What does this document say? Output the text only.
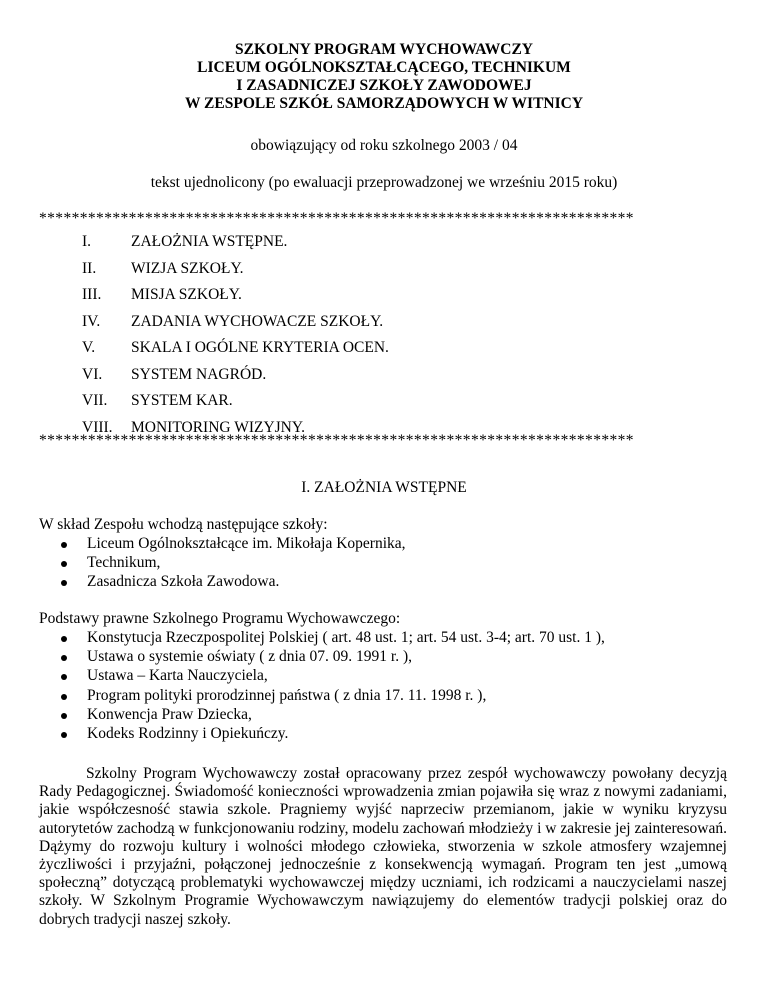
SZKOLNY PROGRAM WYCHOWAWCZY
LICEUM OGÓLNOKSZTAŁCĄCEGO, TECHNIKUM
I ZASADNICZEJ SZKOŁY ZAWODOWEJ
W ZESPOLE SZKÓŁ SAMORZĄDOWYCH W WITNICY
obowiązujący od roku szkolnego 2003 / 04
tekst ujednolicony (po ewaluacji przeprowadzonej we wrześniu 2015 roku)
*************************************************************************
I.	ZAŁOŻNIA WSTĘPNE.
II. WIZJA SZKOŁY.
III. MISJA SZKOŁY.
IV. ZADANIA WYCHOWACZE SZKOŁY.
V. SKALA I OGÓLNE KRYTERIA OCEN.
VI. SYSTEM NAGRÓD.
VII. SYSTEM KAR.
VIII. MONITORING WIZYJNY.
*************************************************************************
I. ZAŁOŻNIA WSTĘPNE
W skład Zespołu wchodzą następujące szkoły:
Liceum Ogólnokształcące im. Mikołaja Kopernika,
Technikum,
Zasadnicza Szkoła Zawodowa.
Podstawy prawne Szkolnego Programu Wychowawczego:
Konstytucja Rzeczpospolitej Polskiej ( art. 48 ust. 1; art. 54 ust. 3-4; art. 70 ust. 1 ),
Ustawa o systemie oświaty ( z dnia 07. 09. 1991 r. ),
Ustawa – Karta Nauczyciela,
Program polityki prorodzinnej państwa ( z dnia 17. 11. 1998 r. ),
Konwencja Praw Dziecka,
Kodeks Rodzinny i Opiekuńczy.

Szkolny Program Wychowawczy został opracowany przez zespół wychowawczy powołany decyzją Rady Pedagogicznej. Świadomość konieczności wprowadzenia zmian pojawiła się wraz z nowymi zadaniami, jakie współczesność stawia szkole. Pragniemy wyjść naprzeciw przemianom, jakie w wyniku kryzysu autorytetów zachodzą w funkcjonowaniu rodziny, modelu zachowań młodzieży i w zakresie jej zainteresowań. Dążymy do rozwoju kultury i wolności młodego człowieka, stworzenia w szkole atmosfery wzajemnej życzliwości i przyjaźni, połączonej jednocześnie z konsekwencją wymagań. Program ten jest „umową społeczną” dotyczącą problematyki wychowawczej między uczniami, ich rodzicami a nauczycielami naszej szkoły. W Szkolnym Programie Wychowawczym nawiązujemy do elementów tradycji polskiej oraz do dobrych tradycji naszej szkoły.
